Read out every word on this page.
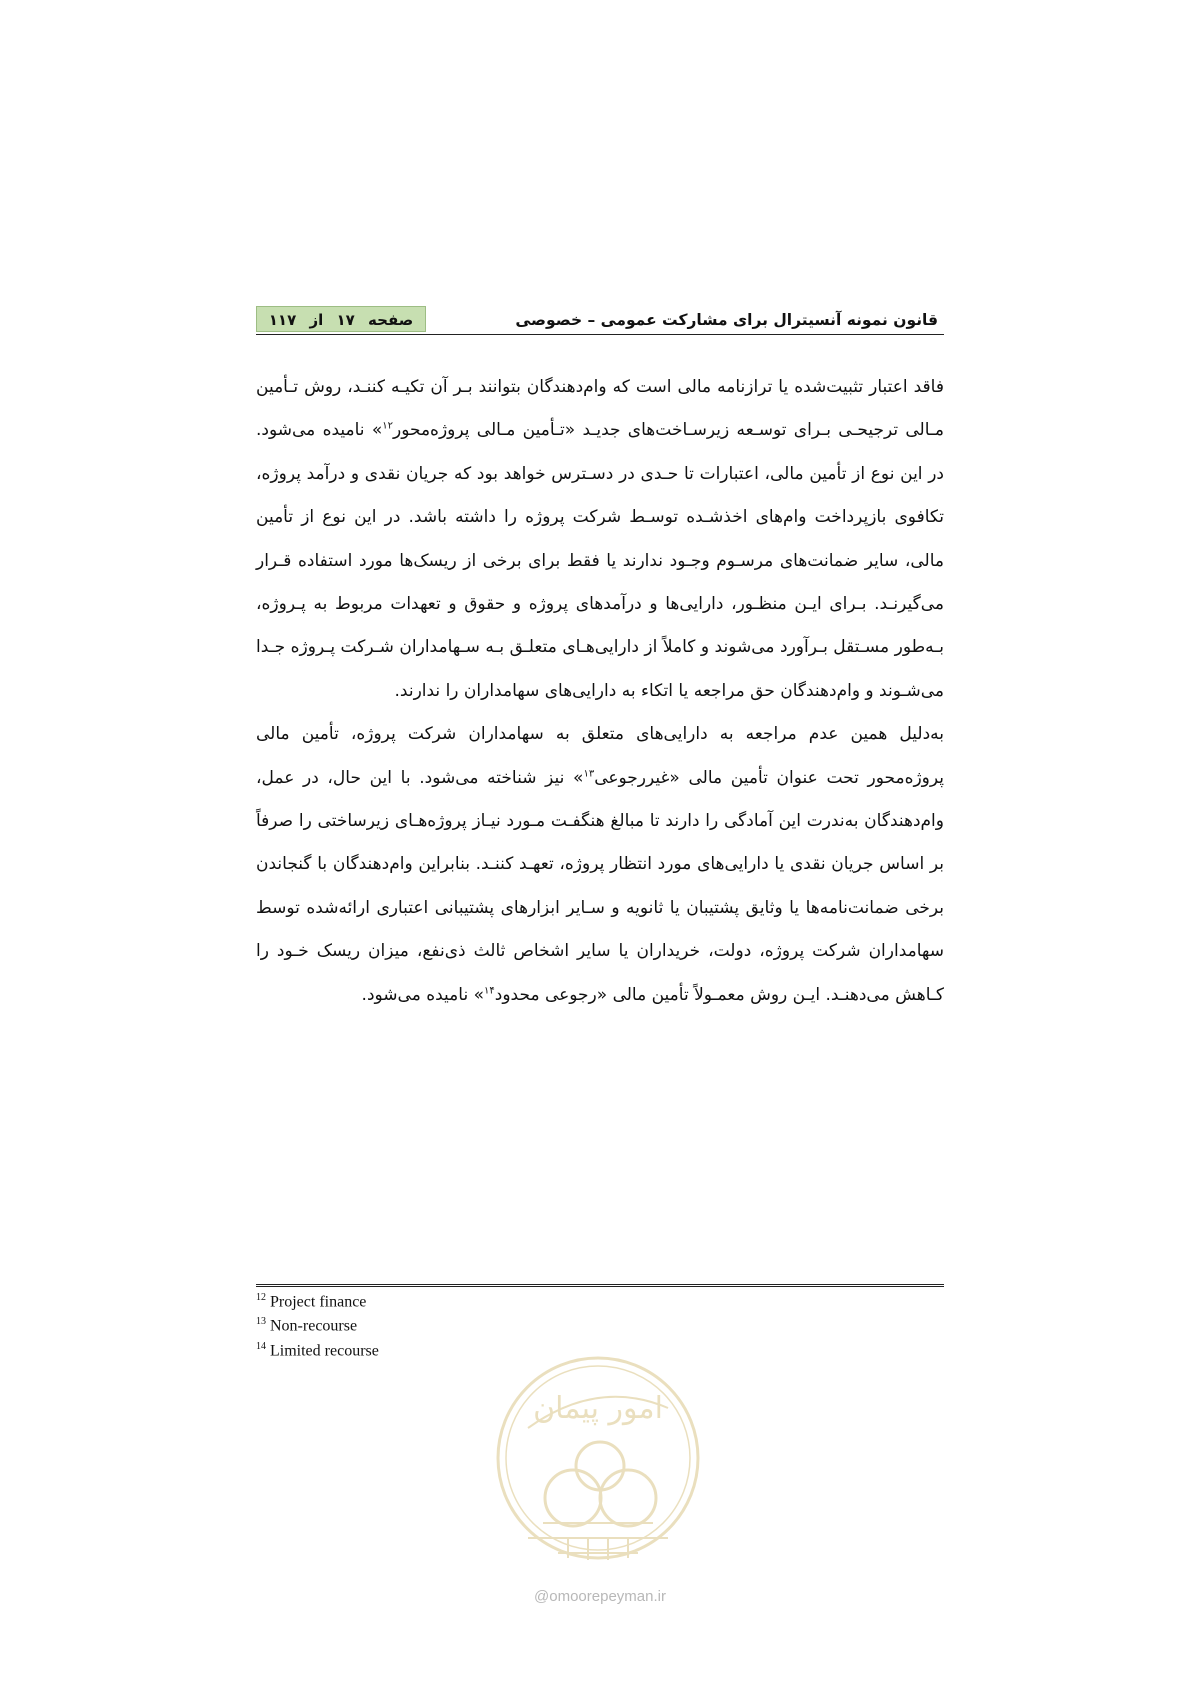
صفحه ۱۷ از ۱۱۷	قانون نمونه آنسیترال برای مشارکت عمومی – خصوصی

فاقد اعتبار تثبیت‌شده یا ترازنامه مالی است که وام‌دهندگان بتوانند بـر آن تکیـه کننـد، روش تـأمین مـالی ترجیحـی بـرای توسـعه زیرسـاخت‌های جدیـد «تـأمین مـالی پروژه‌محور$^{۱۲}$» نامیده می‌شود. در این نوع از تأمین مالی، اعتبارات تا حـدی در دسـترس خواهد بود که جریان نقدی و درآمد پروژه، تکافوی بازپرداخت وام‌های اخذشـده توسـط شرکت پروژه را داشته باشد. در این نوع از تأمین مالی، سایر ضمانت‌های مرسـوم وجـود ندارند یا فقط برای برخی از ریسک‌ها مورد استفاده قـرار می‌گیرنـد. بـرای ایـن منظـور، دارایی‌ها و درآمدهای پروژه و حقوق و تعهدات مربوط به پـروژه، بـه‌طور مسـتقل بـرآورد می‌شوند و کاملاً از دارایی‌هـای متعلـق بـه سـهامداران شـرکت پـروژه جـدا می‌شـوند و وام‌دهندگان حق مراجعه یا اتکاء به دارایی‌های سهامداران را ندارند.

به‌دلیل همین عدم مراجعه به دارایی‌های متعلق به سهامداران شرکت پروژه، تأمین مالی پروژه‌محور تحت عنوان تأمین مالی «غیررجوعی$^{۱۳}$» نیز شناخته می‌شود. با این حال، در عمل، وام‌دهندگان به‌ندرت این آمادگی را دارند تا مبالغ هنگفـت مـورد نیـاز پروژه‌هـای زیرساختی را صرفاً بر اساس جریان نقدی یا دارایی‌های مورد انتظار پروژه، تعهـد کننـد. بنابراین وام‌دهندگان با گنجاندن برخی ضمانت‌نامه‌ها یا وثایق پشتیبان یا ثانویه و سـایر ابزارهای پشتیبانی اعتباری ارائه‌شده توسط سهامداران شرکت پروژه، دولت، خریداران یا سایر اشخاص ثالث ذی‌نفع، میزان ریسک خـود را کـاهش می‌دهنـد. ایـن روش معمـولاً تأمین مالی «رجوعی محدود$^{۱۴}$» نامیده می‌شود.

$^{12}$ Project finance
$^{13}$ Non-recourse
$^{14}$ Limited recourse
امور پیمان
@omoorepeyman.ir
